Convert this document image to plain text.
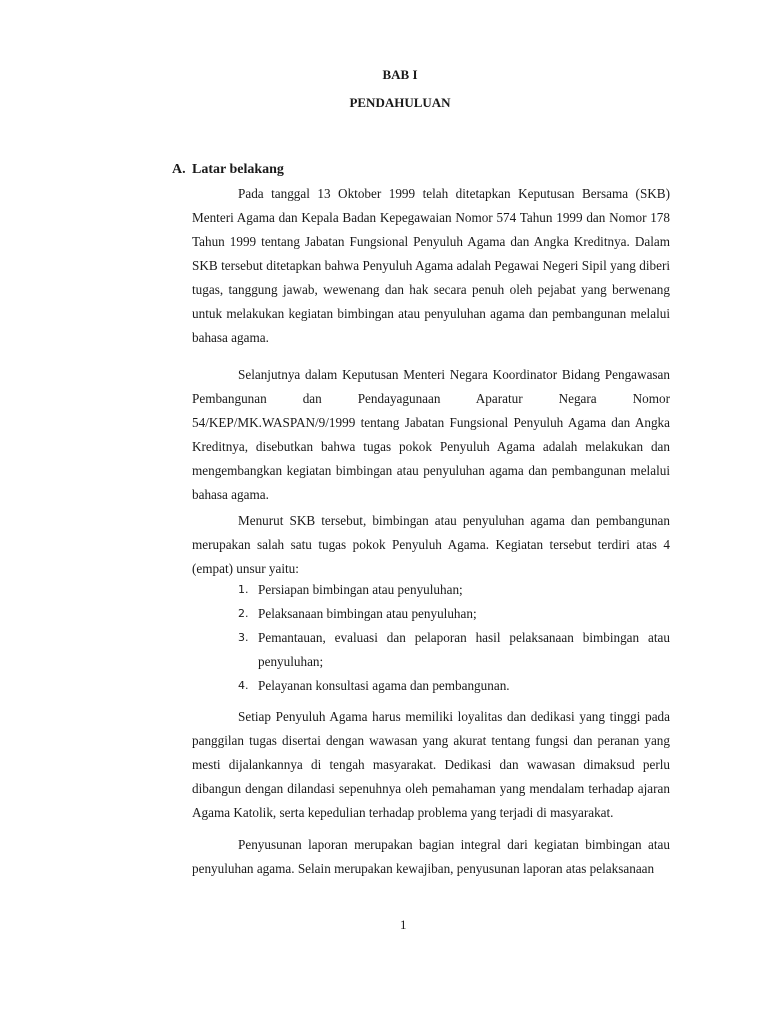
BAB I
PENDAHULUAN
A. Latar belakang

Pada tanggal 13 Oktober 1999 telah ditetapkan Keputusan Bersama (SKB) Menteri Agama dan Kepala Badan Kepegawaian Nomor 574 Tahun 1999 dan Nomor 178 Tahun 1999 tentang Jabatan Fungsional Penyuluh Agama dan Angka Kreditnya. Dalam SKB tersebut ditetapkan bahwa Penyuluh Agama adalah Pegawai Negeri Sipil yang diberi tugas, tanggung jawab, wewenang dan hak secara penuh oleh pejabat yang berwenang untuk melakukan kegiatan bimbingan atau penyuluhan agama dan pembangunan melalui bahasa agama.

Selanjutnya dalam Keputusan Menteri Negara Koordinator Bidang Pengawasan Pembangunan dan Pendayagunaan Aparatur Negara Nomor 54/KEP/MK.WASPAN/9/1999 tentang Jabatan Fungsional Penyuluh Agama dan Angka Kreditnya, disebutkan bahwa tugas pokok Penyuluh Agama adalah melakukan dan mengembangkan kegiatan bimbingan atau penyuluhan agama dan pembangunan melalui bahasa agama.

Menurut SKB tersebut, bimbingan atau penyuluhan agama dan pembangunan merupakan salah satu tugas pokok Penyuluh Agama. Kegiatan tersebut terdiri atas 4 (empat) unsur yaitu:

1. Persiapan bimbingan atau penyuluhan;
2. Pelaksanaan bimbingan atau penyuluhan;
3. Pemantauan, evaluasi dan pelaporan hasil pelaksanaan bimbingan atau penyuluhan;
4. Pelayanan konsultasi agama dan pembangunan.

Setiap Penyuluh Agama harus memiliki loyalitas dan dedikasi yang tinggi pada panggilan tugas disertai dengan wawasan yang akurat tentang fungsi dan peranan yang mesti dijalankannya di tengah masyarakat. Dedikasi dan wawasan dimaksud perlu dibangun dengan dilandasi sepenuhnya oleh pemahaman yang mendalam terhadap ajaran Agama Katolik, serta kepedulian terhadap problema yang terjadi di masyarakat.

Penyusunan laporan merupakan bagian integral dari kegiatan bimbingan atau penyuluhan agama. Selain merupakan kewajiban, penyusunan laporan atas pelaksanaan

1
